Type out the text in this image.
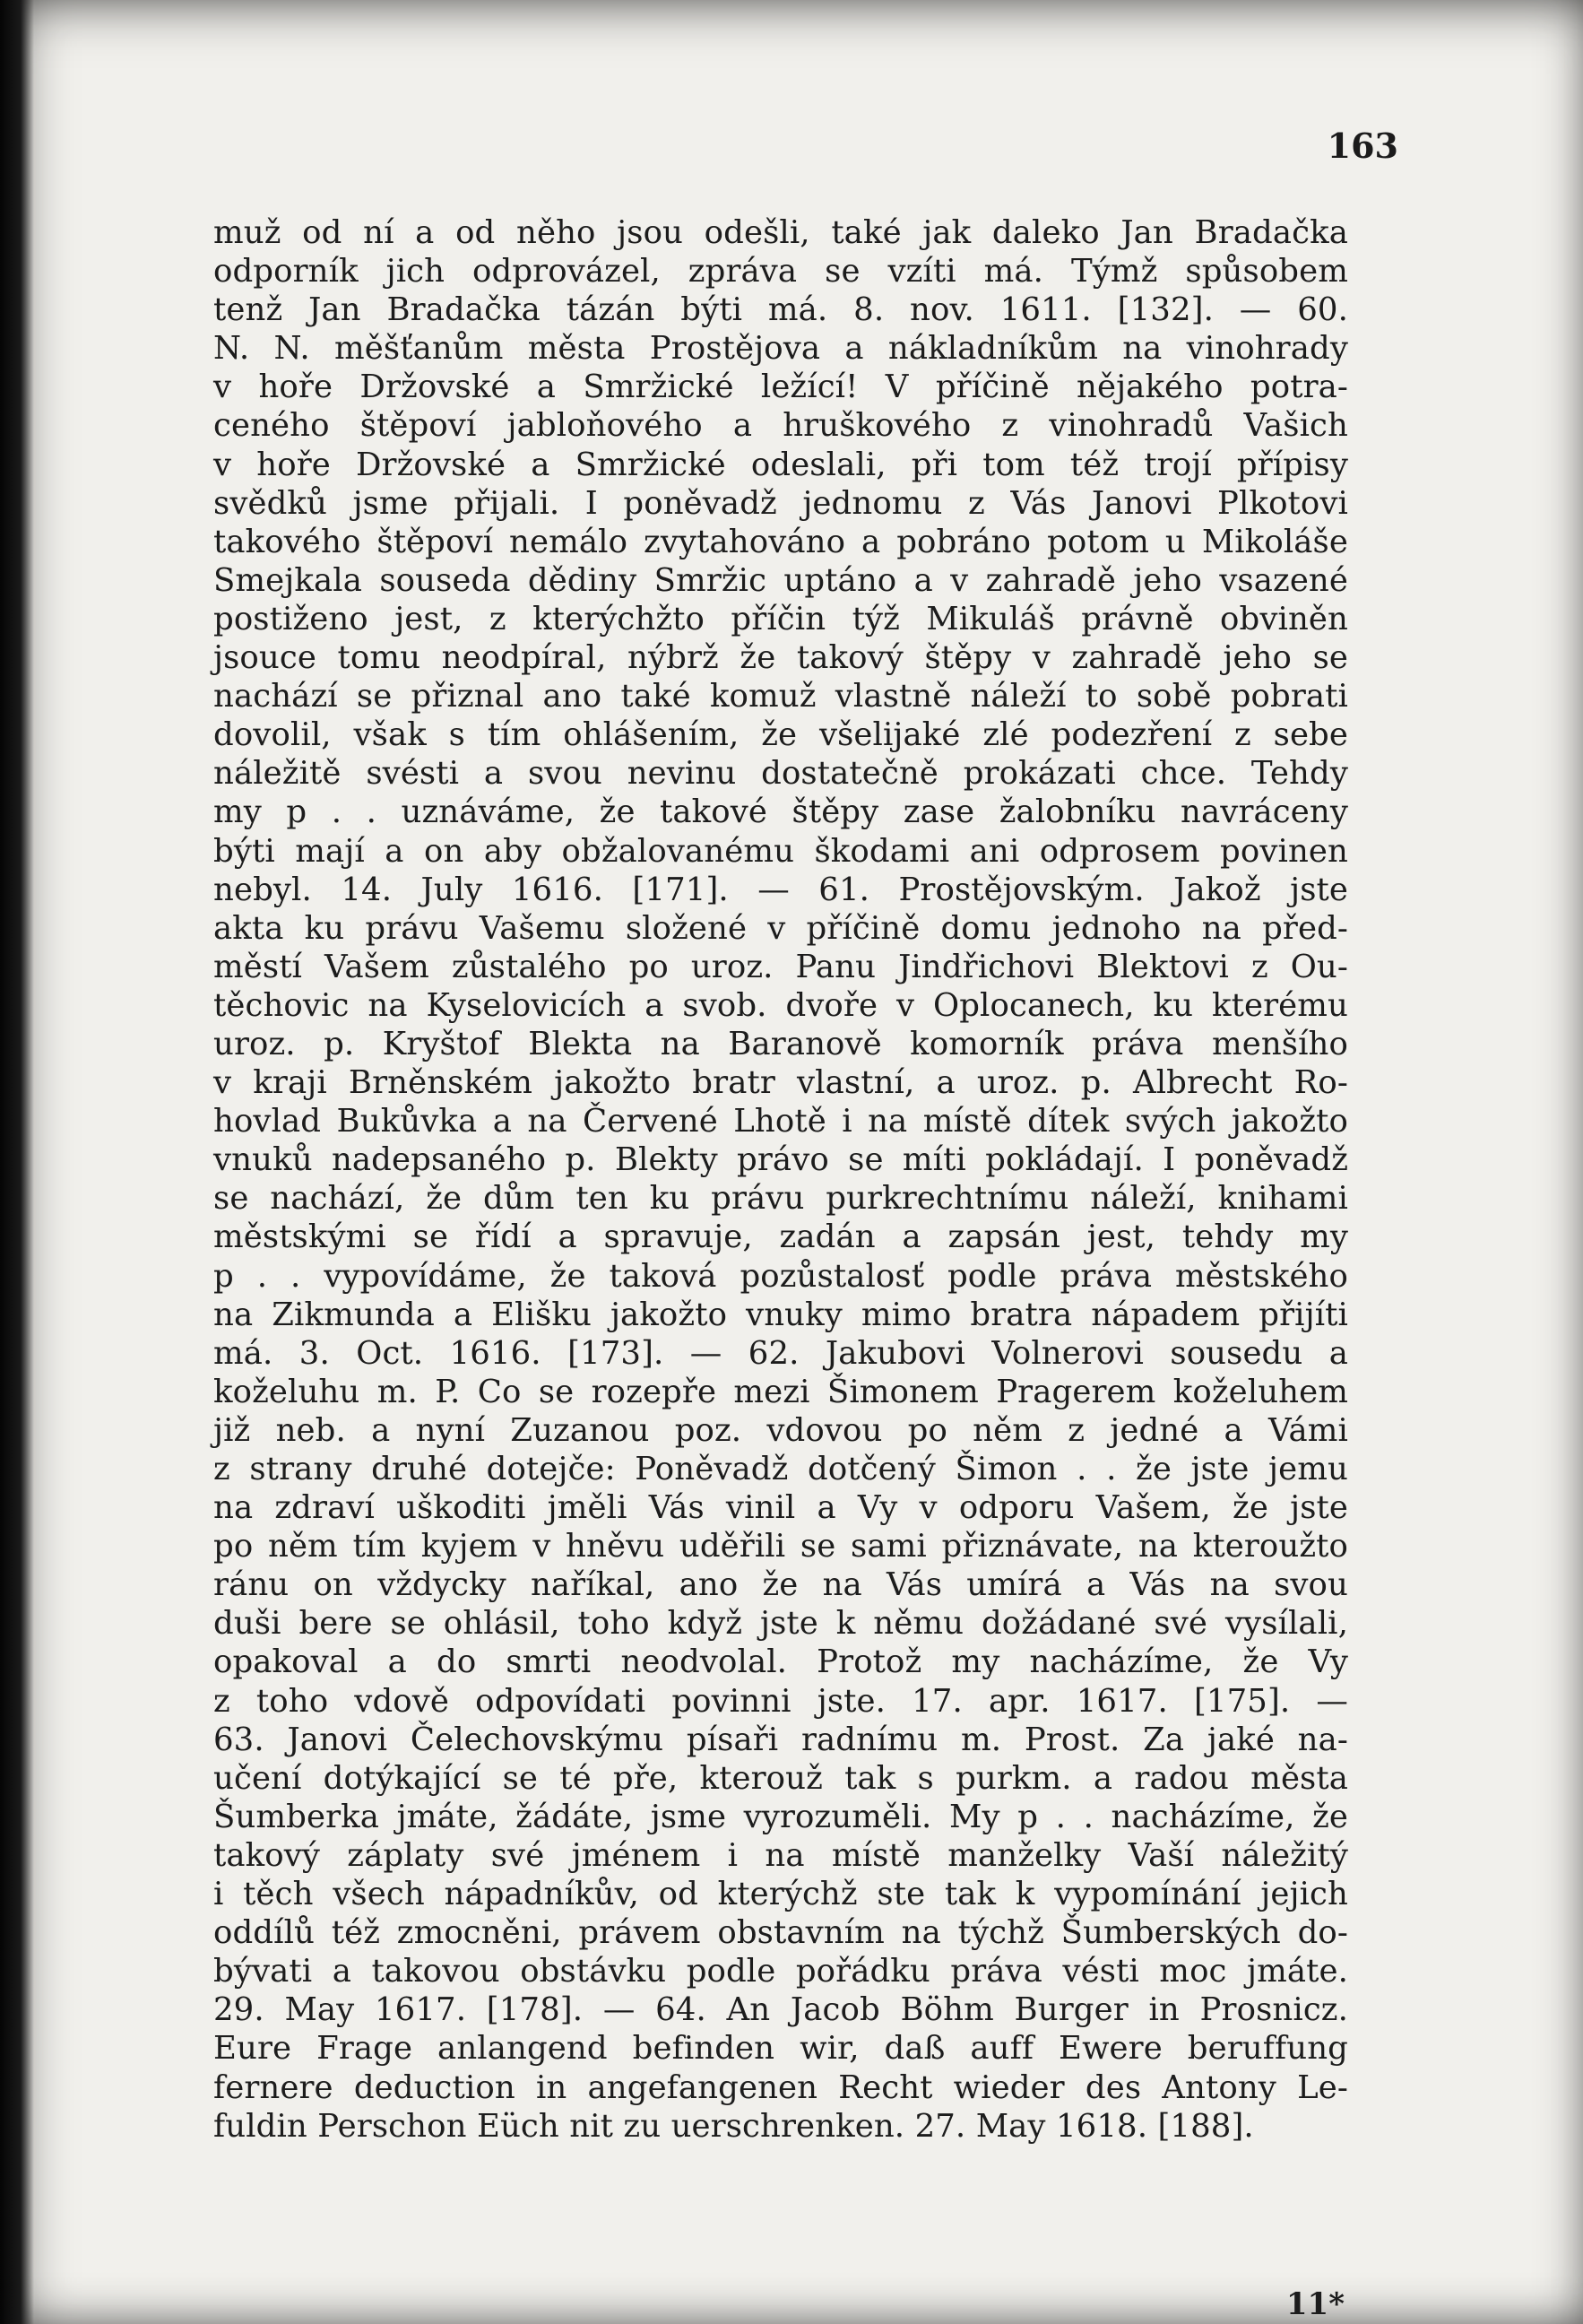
163
muž od ní a od něho jsou odešli, také jak daleko Jan Bradačka
odporník jich odprovázel, zpráva se vzíti má. Týmž spůsobem
tenž Jan Bradačka tázán býti má. 8. nov. 1611. [132]. — 60.
N. N. měšťanům města Prostějova a nákladníkům na vinohrady
v hoře Držovské a Smržické ležící! V příčině nějakého potra-
ceného štěpoví jabloňového a hruškového z vinohradů Vašich
v hoře Držovské a Smržické odeslali, při tom též trojí přípisy
svědků jsme přijali. I poněvadž jednomu z Vás Janovi Plkotovi
takového štěpoví nemálo zvytahováno a pobráno potom u Mikoláše
Smejkala souseda dědiny Smržic uptáno a v zahradě jeho vsazené
postiženo jest, z kterýchžto příčin týž Mikuláš právně obviněn
jsouce tomu neodpíral, nýbrž že takový štěpy v zahradě jeho se
nachází se přiznal ano také komuž vlastně náleží to sobě pobrati
dovolil, však s tím ohlášením, že všelijaké zlé podezření z sebe
náležitě svésti a svou nevinu dostatečně prokázati chce. Tehdy
my p . . uznáváme, že takové štěpy zase žalobníku navráceny
býti mají a on aby obžalovanému škodami ani odprosem povinen
nebyl. 14. July 1616. [171]. — 61. Prostějovským. Jakož jste
akta ku právu Vašemu složené v příčině domu jednoho na před-
městí Vašem zůstalého po uroz. Panu Jindřichovi Blektovi z Ou-
těchovic na Kyselovicích a svob. dvoře v Oplocanech, ku kterému
uroz. p. Kryštof Blekta na Baranově komorník práva menšího
v kraji Brněnském jakožto bratr vlastní, a uroz. p. Albrecht Ro-
hovlad Bukůvka a na Červené Lhotě i na místě dítek svých jakožto
vnuků nadepsaného p. Blekty právo se míti pokládají. I poněvadž
se nachází, že dům ten ku právu purkrechtnímu náleží, knihami
městskými se řídí a spravuje, zadán a zapsán jest, tehdy my
p . . vypovídáme, že taková pozůstalosť podle práva městského
na Zikmunda a Elišku jakožto vnuky mimo bratra nápadem přijíti
má. 3. Oct. 1616. [173]. — 62. Jakubovi Volnerovi sousedu a
koželuhu m. P. Co se rozepře mezi Šimonem Pragerem koželuhem
již neb. a nyní Zuzanou poz. vdovou po něm z jedné a Vámi
z strany druhé dotejče: Poněvadž dotčený Šimon . . že jste jemu
na zdraví uškoditi jměli Vás vinil a Vy v odporu Vašem, že jste
po něm tím kyjem v hněvu uděřili se sami přiznávate, na kteroužto
ránu on vždycky naříkal, ano že na Vás umírá a Vás na svou
duši bere se ohlásil, toho když jste k němu dožádané své vysílali,
opakoval a do smrti neodvolal. Protož my nacházíme, že Vy
z toho vdově odpovídati povinni jste. 17. apr. 1617. [175]. —
63. Janovi Čelechovskýmu písaři radnímu m. Prost. Za jaké na-
učení dotýkající se té pře, kterouž tak s purkm. a radou města
Šumberka jmáte, žádáte, jsme vyrozuměli. My p . . nacházíme, že
takový záplaty své jménem i na místě manželky Vaší náležitý
i těch všech nápadníkův, od kterýchž ste tak k vypomínání jejich
oddílů též zmocněni, právem obstavním na týchž Šumberských do-
bývati a takovou obstávku podle pořádku práva vésti moc jmáte.
29. May 1617. [178]. — 64. An Jacob Böhm Burger in Prosnicz.
Eure Frage anlangend befinden wir, daß auff Ewere beruffung
fernere deduction in angefangenen Recht wieder des Antony Le-
fuldin Perschon Eüch nit zu uerschrenken. 27. May 1618. [188].
11*
